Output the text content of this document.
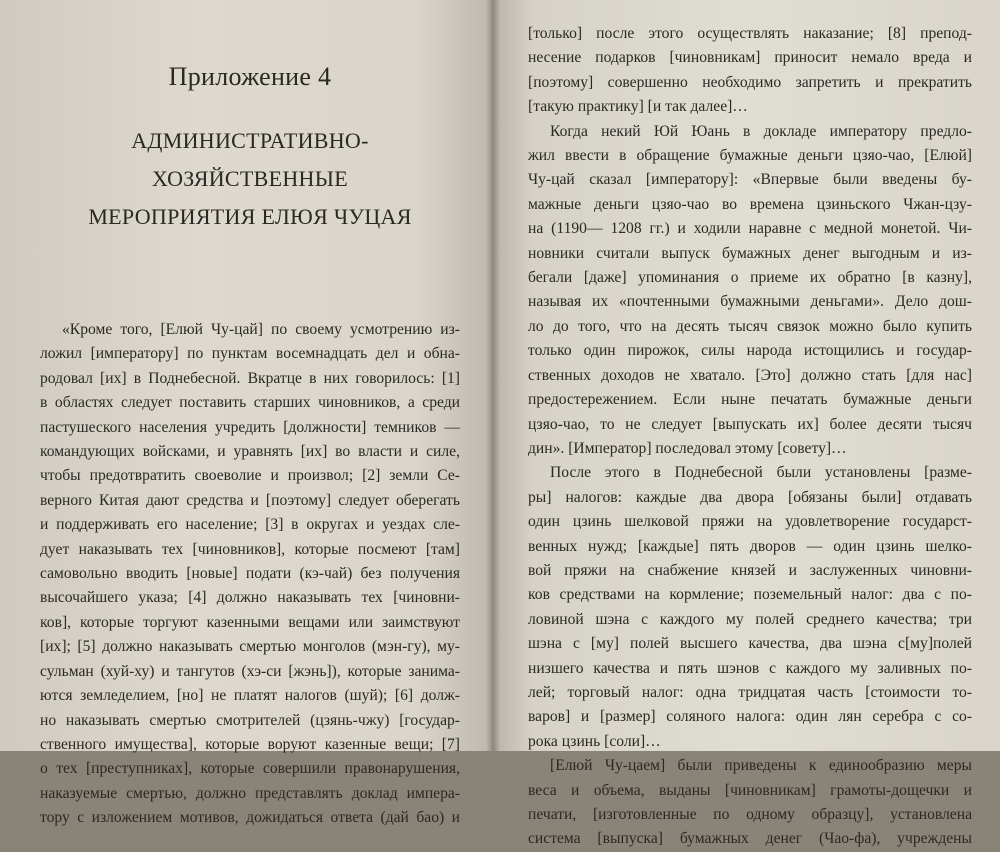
Приложение 4
АДМИНИСТРАТИВНО-ХОЗЯЙСТВЕННЫЕ
МЕРОПРИЯТИЯ ЕЛЮЯ ЧУЦАЯ
«Кроме того, [Елюй Чу-цай] по своему усмотрению из-
ложил [императору] по пунктам восемнадцать дел и обна-
родовал [их] в Поднебесной. Вкратце в них говорилось: [1]
в областях следует поставить старших чиновников, а среди
пастушеского населения учредить [должности] темников —
командующих войсками, и уравнять [их] во власти и силе,
чтобы предотвратить своеволие и произвол; [2] земли Се-
верного Китая дают средства и [поэтому] следует оберегать
и поддерживать его население; [3] в округах и уездах сле-
дует наказывать тех [чиновников], которые посмеют [там]
самовольно вводить [новые] подати (кэ-чай) без получения
высочайшего указа; [4] должно наказывать тех [чиновни-
ков], которые торгуют казенными вещами или заимствуют
[их]; [5] должно наказывать смертью монголов (мэн-гу), му-
сульман (хуй-ху) и тангутов (хэ-си [жэнь]), которые занима-
ются земледелием, [но] не платят налогов (шуй); [6] долж-
но наказывать смертью смотрителей (цзянь-чжу) [государ-
ственного имущества], которые воруют казенные вещи; [7]
о тех [преступниках], которые совершили правонарушения,
наказуемые смертью, должно представлять доклад импера-
тору с изложением мотивов, дожидаться ответа (дай бао) и
[только] после этого осуществлять наказание; [8] препод-
несение подарков [чиновникам] приносит немало вреда и
[поэтому] совершенно необходимо запретить и прекратить
[такую практику] [и так далее]…
Когда некий Юй Юань в докладе императору предло-
жил ввести в обращение бумажные деньги цзяо-чао, [Елюй]
Чу-цай сказал [императору]: «Впервые были введены бу-
мажные деньги цзяо-чао во времена цзиньского Чжан-цзу-
на (1190— 1208 гг.) и ходили наравне с медной монетой. Чи-
новники считали выпуск бумажных денег выгодным и из-
бегали [даже] упоминания о приеме их обратно [в казну],
называя их «почтенными бумажными деньгами». Дело дош-
ло до того, что на десять тысяч связок можно было купить
только один пирожок, силы народа истощились и государ-
ственных доходов не хватало. [Это] должно стать [для нас]
предостережением. Если ныне печатать бумажные деньги
цзяо-чао, то не следует [выпускать их] более десяти тысяч
дин». [Император] последовал этому [совету]…
После этого в Поднебесной были установлены [разме-
ры] налогов: каждые два двора [обязаны были] отдавать
один цзинь шелковой пряжи на удовлетворение государст-
венных нужд; [каждые] пять дворов — один цзинь шелко-
вой пряжи на снабжение князей и заслуженных чиновни-
ков средствами на кормление; поземельный налог: два с по-
ловиной шэна с каждого му полей среднего качества; три
шэна с [му] полей высшего качества, два шэна с[му]полей
низшего качества и пять шэнов с каждого му заливных по-
лей; торговый налог: одна тридцатая часть [стоимости то-
варов] и [размер] соляного налога: один лян серебра с со-
рока цзинь [соли]…
[Елюй Чу-цаем] были приведены к единообразию меры
веса и объема, выданы [чиновникам] грамоты-дощечки и
печати, [изготовленные по одному образцу], установлена
система [выпуска] бумажных денег (Чао-фа), учреждены
